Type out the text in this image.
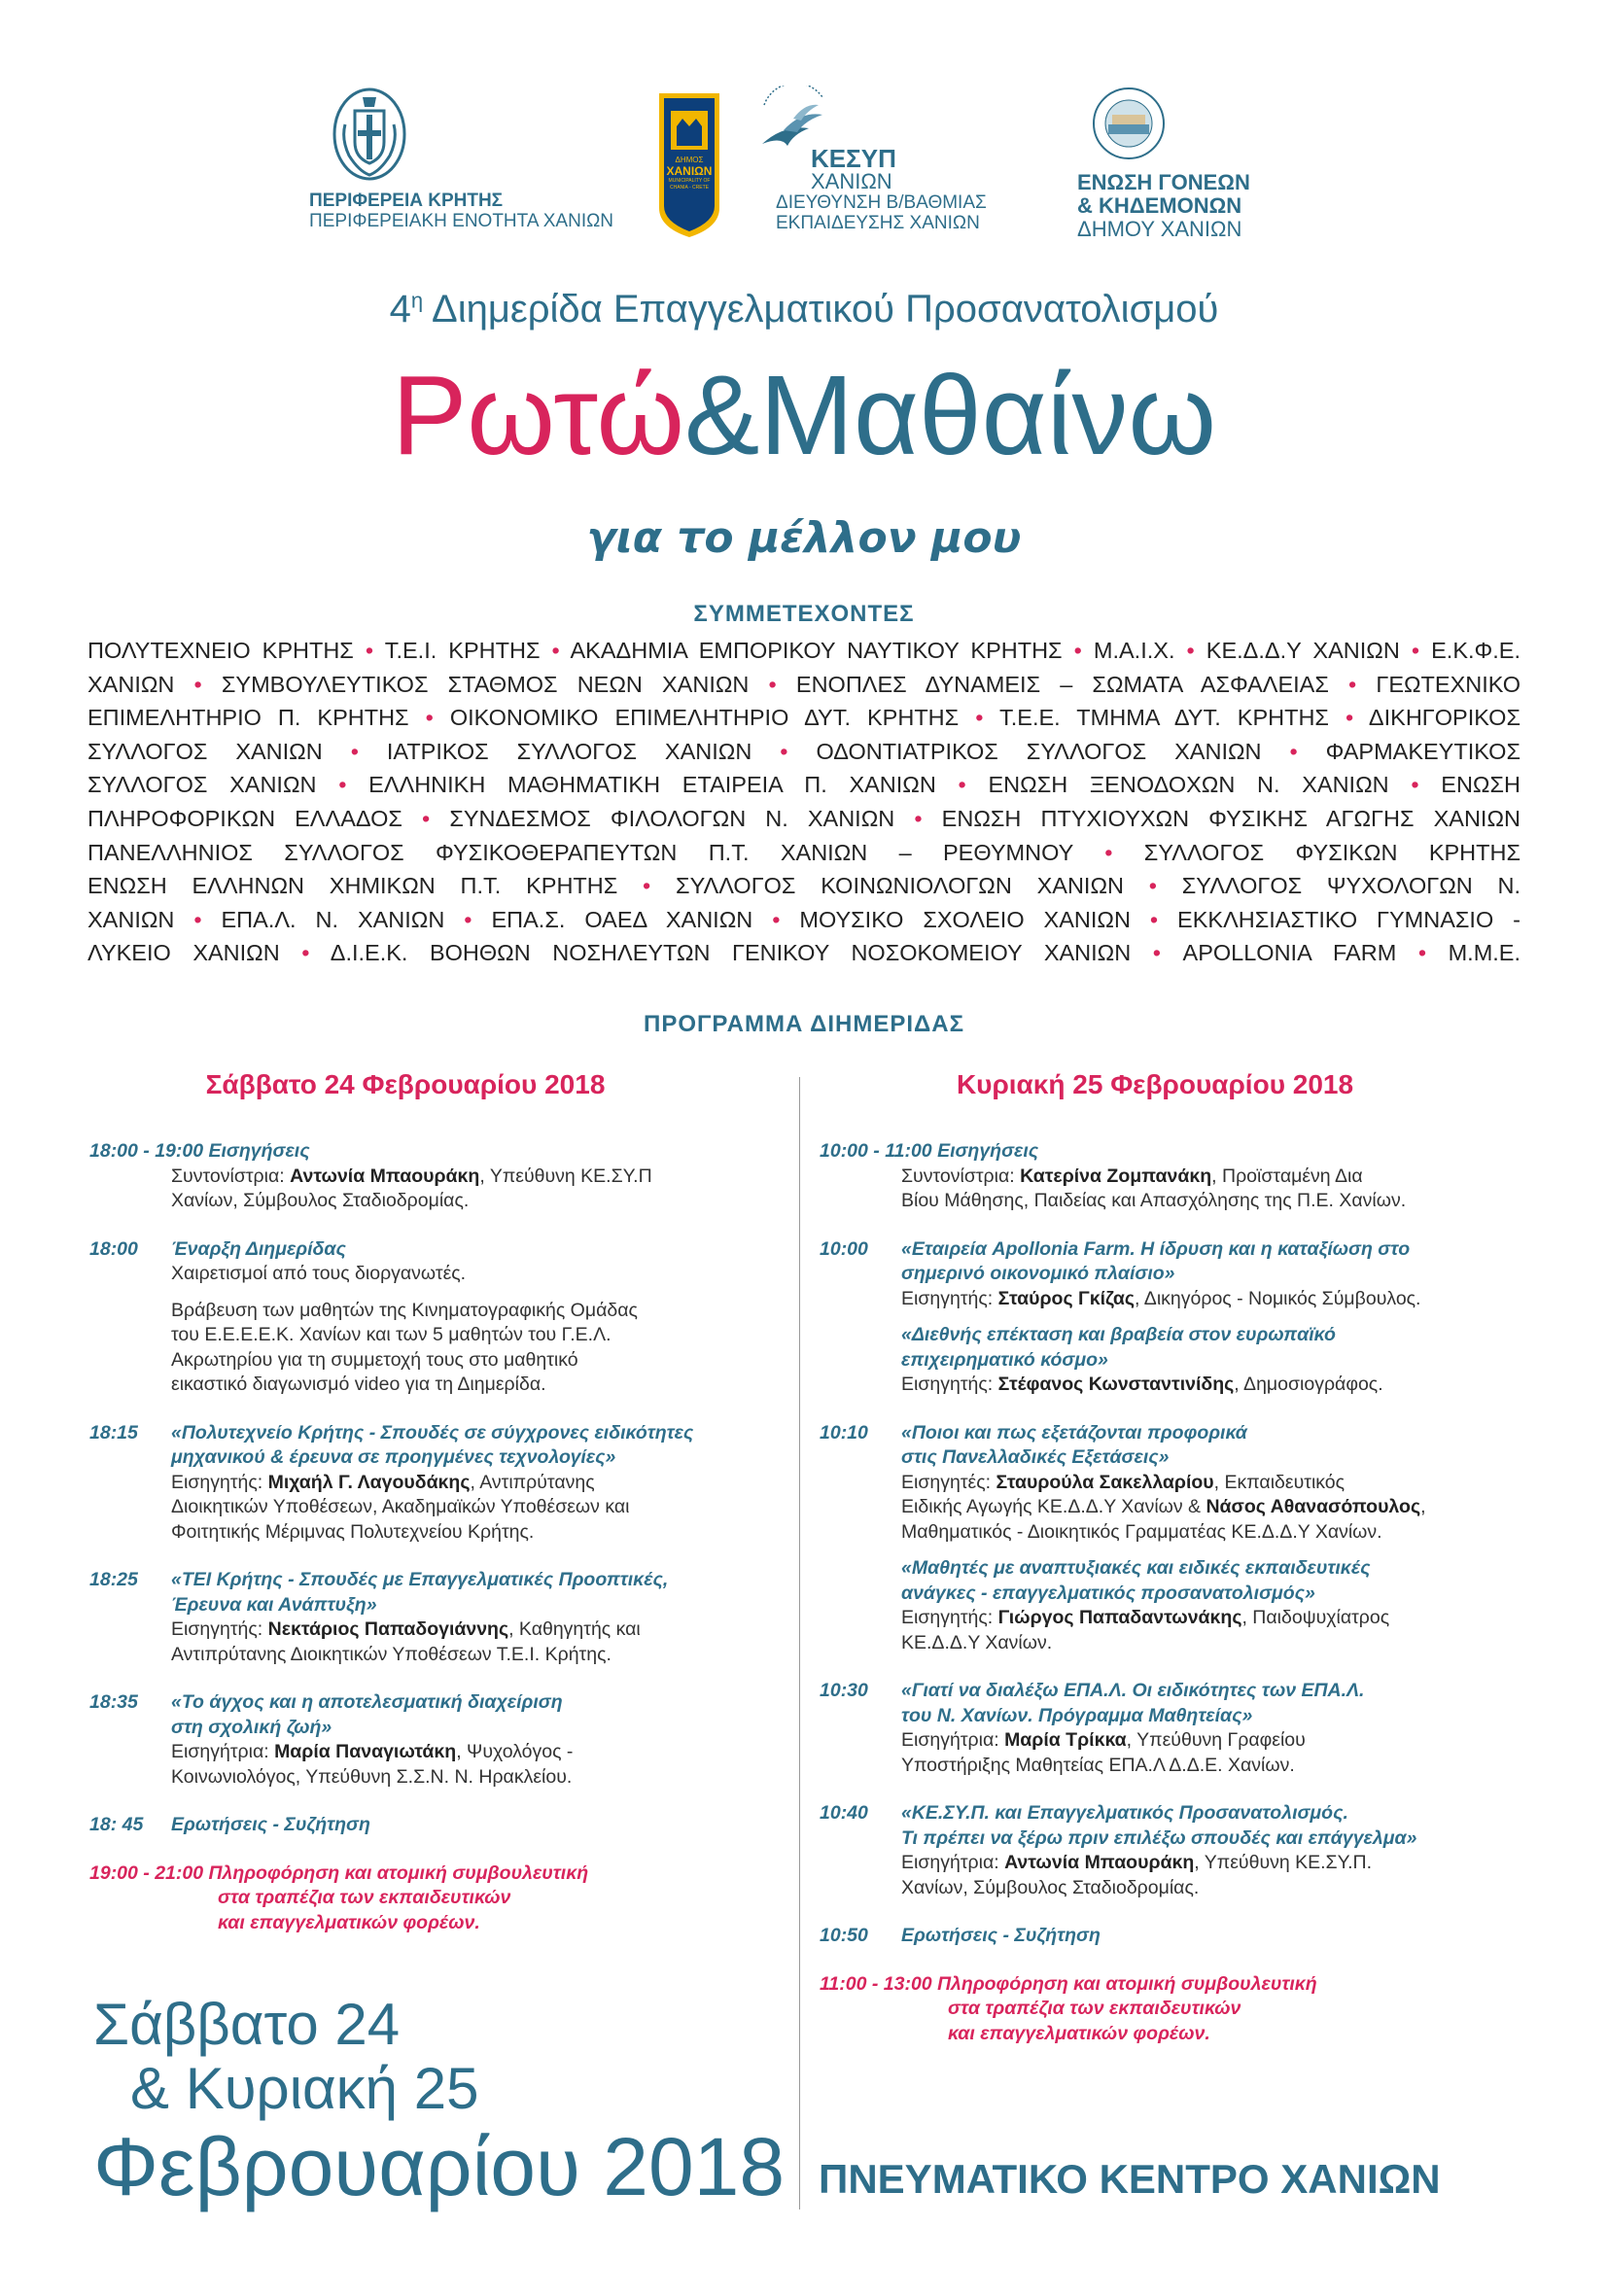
ΠΕΡΙΦΕΡΕΙΑ ΚΡΗΤΗΣ
ΠΕΡΙΦΕΡΕΙΑΚΗ ΕΝΟΤΗΤΑ ΧΑΝΙΩΝ
ΔΗΜΟΣ
ΧΑΝΙΩΝ
MUNICIPALITY OF CHANIA - CRETE
ΚΕΣΥΠ
ΧΑΝΙΩΝ
ΔΙΕΥΘΥΝΣΗ Β/ΒΑΘΜΙΑΣ
ΕΚΠΑΙΔΕΥΣΗΣ ΧΑΝΙΩΝ
ΕΝΩΣΗ ΓΟΝΕΩΝ
& ΚΗΔΕΜΟΝΩΝ
ΔΗΜΟΥ ΧΑΝΙΩΝ
$4^\eta$ Διημερίδα Επαγγελματικού Προσανατολισμού
Ρωτώ&Μαθαίνω
για το μέλλον μου
ΣΥΜΜΕΤΕΧΟΝΤΕΣ
ΠΟΛΥΤΕΧΝΕΙΟ ΚΡΗΤΗΣ • Τ.Ε.Ι. ΚΡΗΤΗΣ • ΑΚΑΔΗΜΙΑ ΕΜΠΟΡΙΚΟΥ ΝΑΥΤΙΚΟΥ ΚΡΗΤΗΣ • Μ.Α.Ι.Χ. • ΚΕ.Δ.Δ.Υ ΧΑΝΙΩΝ • Ε.Κ.Φ.Ε.
ΧΑΝΙΩΝ • ΣΥΜΒΟΥΛΕΥΤΙΚΟΣ ΣΤΑΘΜΟΣ ΝΕΩΝ ΧΑΝΙΩΝ • ΕΝΟΠΛΕΣ ΔΥΝΑΜΕΙΣ – ΣΩΜΑΤΑ ΑΣΦΑΛΕΙΑΣ • ΓΕΩΤΕΧΝΙΚΟ
ΕΠΙΜΕΛΗΤΗΡΙΟ Π. ΚΡΗΤΗΣ • ΟΙΚΟΝΟΜΙΚΟ ΕΠΙΜΕΛΗΤΗΡΙΟ ΔΥΤ. ΚΡΗΤΗΣ • Τ.Ε.Ε. ΤΜΗΜΑ ΔΥΤ. ΚΡΗΤΗΣ • ΔΙΚΗΓΟΡΙΚΟΣ
ΣΥΛΛΟΓΟΣ ΧΑΝΙΩΝ • ΙΑΤΡΙΚΟΣ ΣΥΛΛΟΓΟΣ ΧΑΝΙΩΝ • ΟΔΟΝΤΙΑΤΡΙΚΟΣ ΣΥΛΛΟΓΟΣ ΧΑΝΙΩΝ • ΦΑΡΜΑΚΕΥΤΙΚΟΣ
ΣΥΛΛΟΓΟΣ ΧΑΝΙΩΝ • ΕΛΛΗΝΙΚΗ ΜΑΘΗΜΑΤΙΚΗ ΕΤΑΙΡΕΙΑ Π. ΧΑΝΙΩΝ • ΕΝΩΣΗ ΞΕΝΟΔΟΧΩΝ Ν. ΧΑΝΙΩΝ • ΕΝΩΣΗ
ΠΛΗΡΟΦΟΡΙΚΩΝ ΕΛΛΑΔΟΣ • ΣΥΝΔΕΣΜΟΣ ΦΙΛΟΛΟΓΩΝ Ν. ΧΑΝΙΩΝ • ΕΝΩΣΗ ΠΤΥΧΙΟΥΧΩΝ ΦΥΣΙΚΗΣ ΑΓΩΓΗΣ ΧΑΝΙΩΝ
ΠΑΝΕΛΛΗΝΙΟΣ ΣΥΛΛΟΓΟΣ ΦΥΣΙΚΟΘΕΡΑΠΕΥΤΩΝ Π.Τ. ΧΑΝΙΩΝ – ΡΕΘΥΜΝΟΥ • ΣΥΛΛΟΓΟΣ ΦΥΣΙΚΩΝ ΚΡΗΤΗΣ
ΕΝΩΣΗ ΕΛΛΗΝΩΝ ΧΗΜΙΚΩΝ Π.Τ. ΚΡΗΤΗΣ • ΣΥΛΛΟΓΟΣ ΚΟΙΝΩΝΙΟΛΟΓΩΝ ΧΑΝΙΩΝ • ΣΥΛΛΟΓΟΣ ΨΥΧΟΛΟΓΩΝ Ν.
ΧΑΝΙΩΝ • ΕΠΑ.Λ. Ν. ΧΑΝΙΩΝ • ΕΠΑ.Σ. ΟΑΕΔ ΧΑΝΙΩΝ • ΜΟΥΣΙΚΟ ΣΧΟΛΕΙΟ ΧΑΝΙΩΝ • ΕΚΚΛΗΣΙΑΣΤΙΚΟ ΓΥΜΝΑΣΙΟ -
ΛΥΚΕΙΟ ΧΑΝΙΩΝ • Δ.Ι.Ε.Κ. ΒΟΗΘΩΝ ΝΟΣΗΛΕΥΤΩΝ ΓΕΝΙΚΟΥ ΝΟΣΟΚΟΜΕΙΟΥ ΧΑΝΙΩΝ • APOLLONIA FARM • Μ.Μ.Ε.
ΠΡΟΓΡΑΜΜΑ ΔΙΗΜΕΡΙΔΑΣ
Σάββατο 24 Φεβρουαρίου 2018
18:00 - 19:00 Εισηγήσεις
Συντονίστρια: Αντωνία Μπαουράκη, Υπεύθυνη ΚΕ.ΣΥ.Π
Χανίων, Σύμβουλος Σταδιοδρομίας.
18:00 Έναρξη Διημερίδας
Χαιρετισμοί από τους διοργανωτές.
Βράβευση των μαθητών της Κινηματογραφικής Ομάδας
του Ε.Ε.Ε.Ε.Κ. Χανίων και των 5 μαθητών του Γ.Ε.Λ.
Ακρωτηρίου για τη συμμετοχή τους στο μαθητικό
εικαστικό διαγωνισμό video για τη Διημερίδα.
18:15 «Πολυτεχνείο Κρήτης - Σπουδές σε σύγχρονες ειδικότητες
μηχανικού & έρευνα σε προηγμένες τεχνολογίες»
Εισηγητής: Μιχαήλ Γ. Λαγουδάκης, Αντιπρύτανης
Διοικητικών Υποθέσεων, Ακαδημαϊκών Υποθέσεων και
Φοιτητικής Μέριμνας Πολυτεχνείου Κρήτης.
18:25 «ΤΕΙ Κρήτης - Σπουδές με Επαγγελματικές Προοπτικές,
Έρευνα και Ανάπτυξη»
Εισηγητής: Νεκτάριος Παπαδογιάννης, Καθηγητής και
Αντιπρύτανης Διοικητικών Υποθέσεων Τ.Ε.Ι. Κρήτης.
18:35 «Το άγχος και η αποτελεσματική διαχείριση
στη σχολική ζωή»
Εισηγήτρια: Μαρία Παναγιωτάκη, Ψυχολόγος -
Κοινωνιολόγος, Υπεύθυνη Σ.Σ.Ν. Ν. Ηρακλείου.
18: 45 Ερωτήσεις - Συζήτηση
19:00 - 21:00 Πληροφόρηση και ατομική συμβουλευτική
στα τραπέζια των εκπαιδευτικών
και επαγγελματικών φορέων.
Κυριακή 25 Φεβρουαρίου 2018
10:00 - 11:00 Εισηγήσεις
Συντονίστρια: Κατερίνα Ζομπανάκη, Προϊσταμένη Δια
Βίου Μάθησης, Παιδείας και Απασχόλησης της Π.Ε. Χανίων.
10:00 «Εταιρεία Apollonia Farm. Η ίδρυση και η καταξίωση στο
σημερινό οικονομικό πλαίσιο»
Εισηγητής: Σταύρος Γκίζας, Δικηγόρος - Νομικός Σύμβουλος.
«Διεθνής επέκταση και βραβεία στον ευρωπαϊκό
επιχειρηματικό κόσμο»
Εισηγητής: Στέφανος Κωνσταντινίδης, Δημοσιογράφος.
10:10 «Ποιοι και πως εξετάζονται προφορικά
στις Πανελλαδικές Εξετάσεις»
Εισηγητές: Σταυρούλα Σακελλαρίου, Εκπαιδευτικός
Ειδικής Αγωγής ΚΕ.Δ.Δ.Υ Χανίων & Νάσος Αθανασόπουλος,
Μαθηματικός - Διοικητικός Γραμματέας ΚΕ.Δ.Δ.Υ Χανίων.
«Μαθητές με αναπτυξιακές και ειδικές εκπαιδευτικές
ανάγκες - επαγγελματικός προσανατολισμός»
Εισηγητής: Γιώργος Παπαδαντωνάκης, Παιδοψυχίατρος
ΚΕ.Δ.Δ.Υ Χανίων.
10:30 «Γιατί να διαλέξω ΕΠΑ.Λ. Οι ειδικότητες των ΕΠΑ.Λ.
του Ν. Χανίων. Πρόγραμμα Μαθητείας»
Εισηγήτρια: Μαρία Τρίκκα, Υπεύθυνη Γραφείου
Υποστήριξης Μαθητείας ΕΠΑ.Λ Δ.Δ.Ε. Χανίων.
10:40 «ΚΕ.ΣΥ.Π. και Επαγγελματικός Προσανατολισμός.
Τι πρέπει να ξέρω πριν επιλέξω σπουδές και επάγγελμα»
Εισηγήτρια: Αντωνία Μπαουράκη, Υπεύθυνη ΚΕ.ΣΥ.Π.
Χανίων, Σύμβουλος Σταδιοδρομίας.
10:50 Ερωτήσεις - Συζήτηση
11:00 - 13:00 Πληροφόρηση και ατομική συμβουλευτική
στα τραπέζια των εκπαιδευτικών
και επαγγελματικών φορέων.
Σάββατο 24
& Κυριακή 25
Φεβρουαρίου 2018 ΠΝΕΥΜΑΤΙΚΟ ΚΕΝΤΡΟ ΧΑΝΙΩΝ
